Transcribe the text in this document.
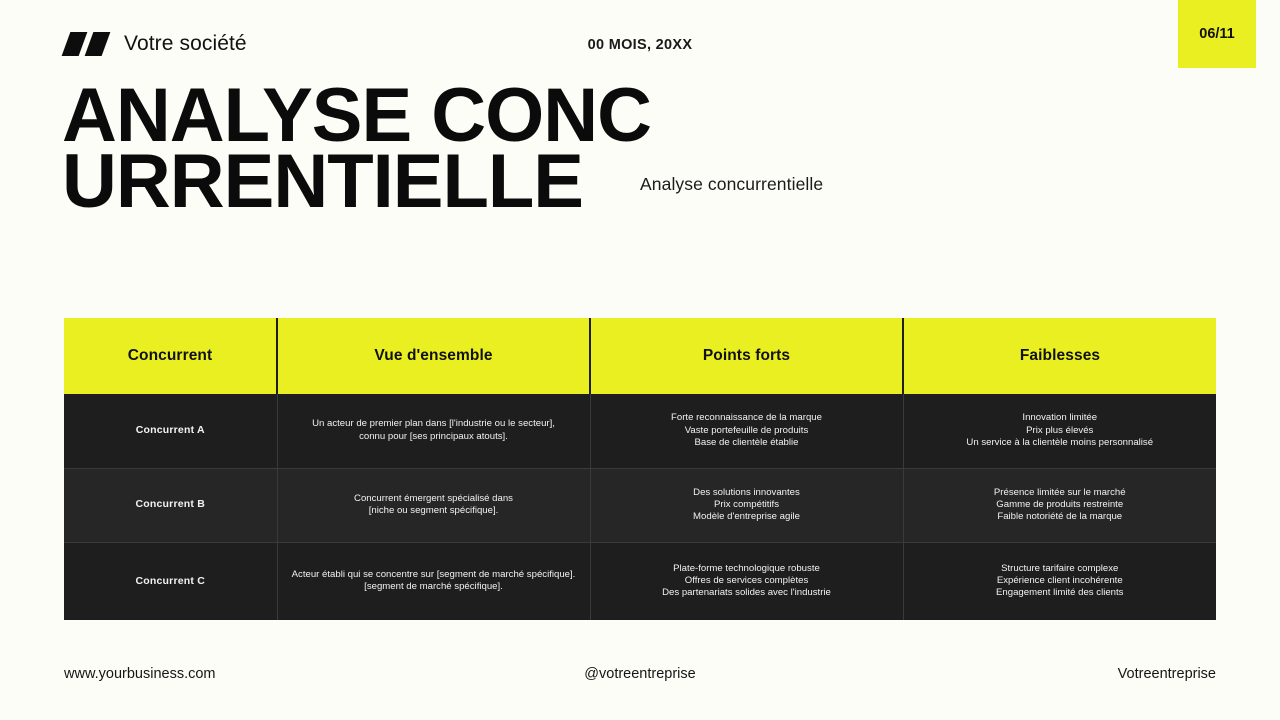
Votre société	00 MOIS, 20XX
06/11
ANALYSE CONCURRENTIELLE	Analyse concurrentielle
Concurrent	Vue d'ensemble	Points forts	Faiblesses
Concurrent A	Un acteur de premier plan dans [l'industrie ou le secteur],
connu pour [ses principaux atouts].	Forte reconnaissance de la marque
Vaste portefeuille de produits
Base de clientèle établie	Innovation limitée
Prix plus élevés
Un service à la clientèle moins personnalisé

Concurrent B	Concurrent émergent spécialisé dans
[niche ou segment spécifique].	Des solutions innovantes
Prix compétitifs
Modèle d'entreprise agile	Présence limitée sur le marché
Gamme de produits restreinte
Faible notoriété de la marque

Concurrent C	Acteur établi qui se concentre sur [segment de marché spécifique].
[segment de marché spécifique].	Plate-forme technologique robuste
Offres de services complètes
Des partenariats solides avec l'industrie	Structure tarifaire complexe
Expérience client incohérente
Engagement limité des clients
www.yourbusiness.com	@votreentreprise	Votreentreprise
